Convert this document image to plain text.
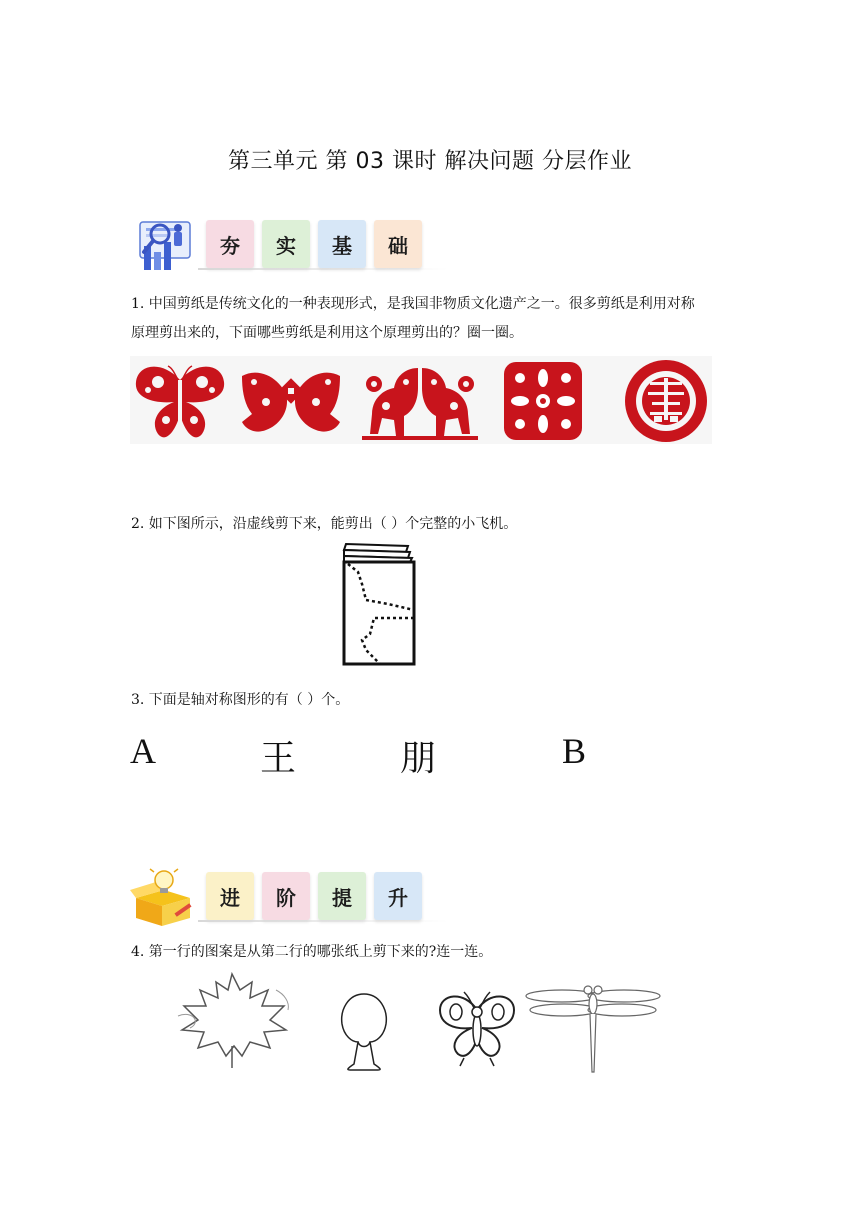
第三单元 第 03 课时 解决问题 分层作业
夯	实	基	础
1. 中国剪纸是传统文化的一种表现形式，是我国非物质文化遗产之一。很多剪纸是利用对称
原理剪出来的，下面哪些剪纸是利用这个原理剪出的？圈一圈。
2. 如下图所示，沿虚线剪下来，能剪出（ ）个完整的小飞机。
3. 下面是轴对称图形的有（ ）个。
A	王	朋	B
进	阶	提	升
4. 第一行的图案是从第二行的哪张纸上剪下来的?连一连。
